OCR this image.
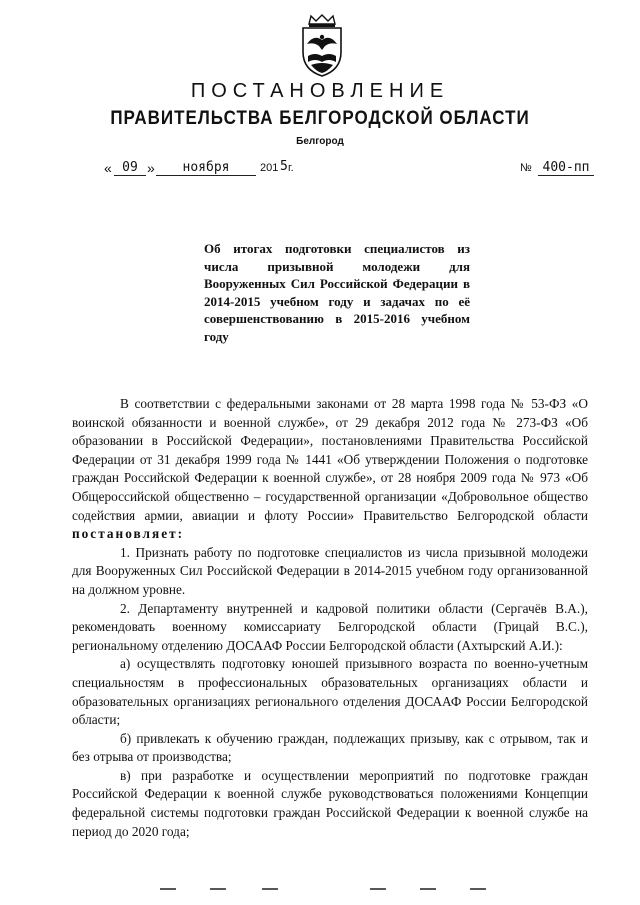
ПОСТАНОВЛЕНИЕ
ПРАВИТЕЛЬСТВА БЕЛГОРОДСКОЙ ОБЛАСТИ
Белгород
« 09 »	ноября	201 5 г.	№ 400-пп
Об итогах подготовки специалистов из числа призывной молодежи для Вооруженных Сил Российской Федерации в 2014-2015 учебном году и задачах по её совершенствованию в 2015-2016 учебном году

В соответствии с федеральными законами от 28 марта 1998 года № 53-ФЗ «О воинской обязанности и военной службе», от 29 декабря 2012 года № 273-ФЗ «Об образовании в Российской Федерации», постановлениями Правительства Российской Федерации от 31 декабря 1999 года № 1441 «Об утверждении Положения о подготовке граждан Российской Федерации к военной службе», от 28 ноября 2009 года № 973 «Об Общероссийской общественно – государственной организации «Добровольное общество содействия армии, авиации и флоту России» Правительство Белгородской области постановляет:

1. Признать работу по подготовке специалистов из числа призывной молодежи для Вооруженных Сил Российской Федерации в 2014-2015 учебном году организованной на должном уровне.

2. Департаменту внутренней и кадровой политики области (Сергачёв В.А.), рекомендовать военному комиссариату Белгородской области (Грицай В.С.), региональному отделению ДОСААФ России Белгородской области (Ахтырский А.И.):

а) осуществлять подготовку юношей призывного возраста по военно-учетным специальностям в профессиональных образовательных организациях области и образовательных организациях регионального отделения ДОСААФ России Белгородской области;

б) привлекать к обучению граждан, подлежащих призыву, как с отрывом, так и без отрыва от производства;

в) при разработке и осуществлении мероприятий по подготовке граждан Российской Федерации к военной службе руководствоваться положениями Концепции федеральной системы подготовки граждан Российской Федерации к военной службе на период до 2020 года;
